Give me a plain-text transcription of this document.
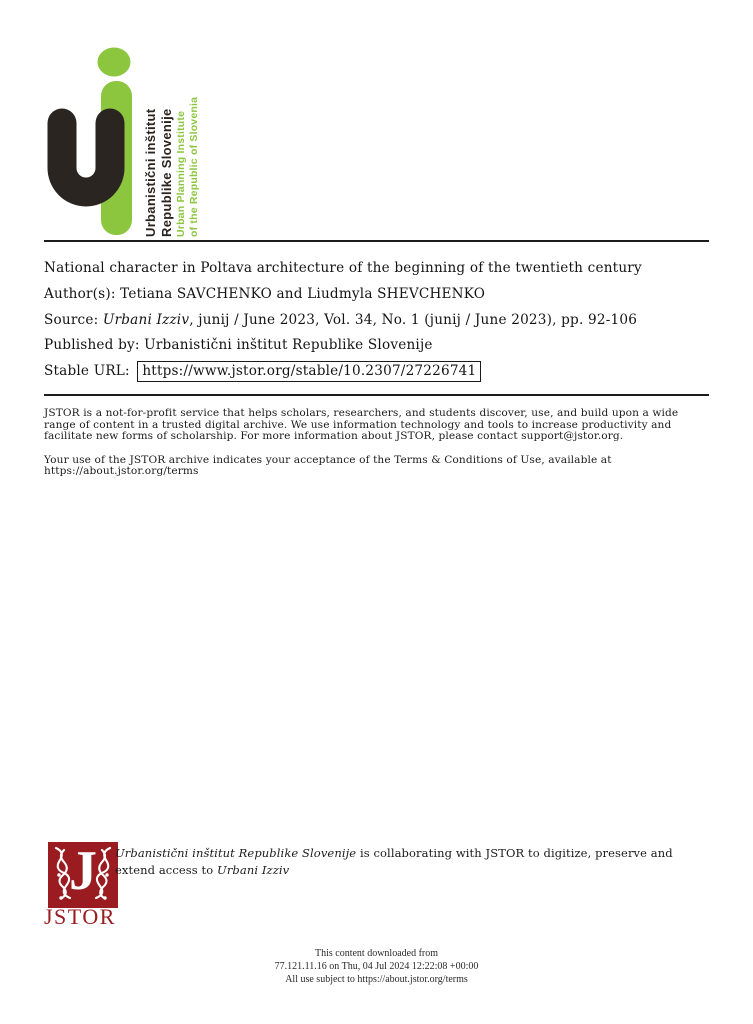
Urbanistični inštitut Republike Slovenije Urban Planning Institute of the Republic of Slovenia

National character in Poltava architecture of the beginning of the twentieth century
Author(s): Tetiana SAVCHENKO and Liudmyla SHEVCHENKO
Source: Urbani Izziv, junij / June 2023, Vol. 34, No. 1 (junij / June 2023), pp. 92-106
Published by: Urbanistični inštitut Republike Slovenije
Stable URL: https://www.jstor.org/stable/10.2307/27226741
JSTOR is a not-for-profit service that helps scholars, researchers, and students discover, use, and build upon a wide
range of content in a trusted digital archive. We use information technology and tools to increase productivity and
facilitate new forms of scholarship. For more information about JSTOR, please contact support@jstor.org.
Your use of the JSTOR archive indicates your acceptance of the Terms & Conditions of Use, available at
https://about.jstor.org/terms
J
JSTOR
Urbanistični inštitut Republike Slovenije is collaborating with JSTOR to digitize, preserve and
extend access to Urbani Izziv
This content downloaded from
77.121.11.16 on Thu, 04 Jul 2024 12:22:08 +00:00
All use subject to https://about.jstor.org/terms
